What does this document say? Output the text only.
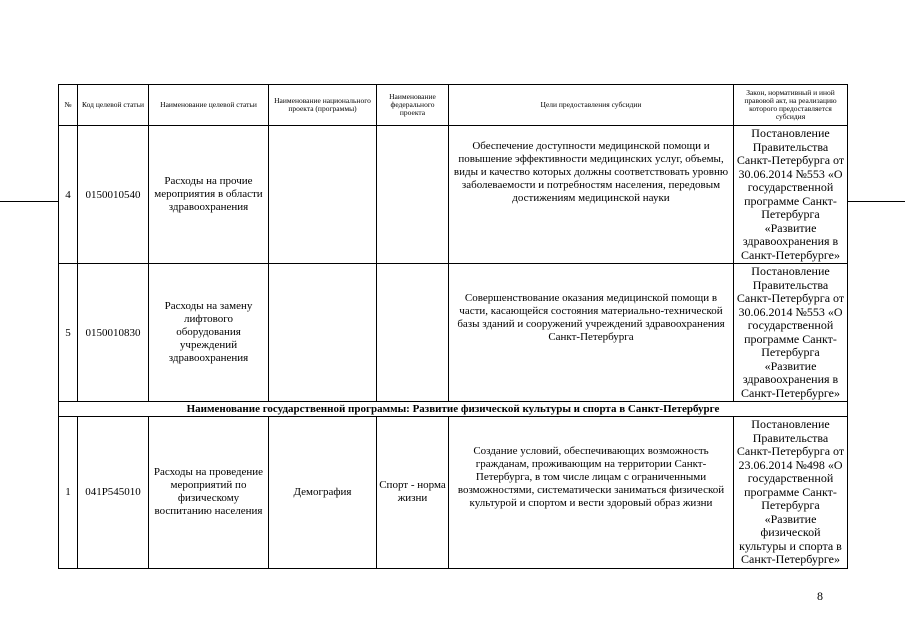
№	Код целевой статьи	Наименование целевой статьи	Наименование национального проекта (программы)	Наименование федерального проекта	Цели предоставления субсидии	Закон, нормативный и иной правовой акт, на реализацию которого предоставляется субсидия
4	0150010540	Расходы на прочие мероприятия в области здравоохранения			Обеспечение доступности медицинской помощи и повышение эффективности медицинских услуг, объемы, виды и качество которых должны соответствовать уровню заболеваемости и потребностям населения, передовым достижениям медицинской науки	Постановление Правительства Санкт-Петербурга от 30.06.2014 №553 «О государственной программе Санкт-Петербурга «Развитие здравоохранения в Санкт-Петербурге»
5	0150010830	Расходы на замену лифтового оборудования учреждений здравоохранения			Совершенствование оказания медицинской помощи в части, касающейся состояния материально-технической базы зданий и сооружений учреждений здравоохранения Санкт-Петербурга	Постановление Правительства Санкт-Петербурга от 30.06.2014 №553 «О государственной программе Санкт-Петербурга «Развитие здравоохранения в Санкт-Петербурге»
Наименование государственной программы: Развитие физической культуры и спорта в Санкт-Петербурге						
1	041P545010	Расходы на проведение мероприятий по физическому воспитанию населения	Демография	Спорт - норма жизни	Создание условий, обеспечивающих возможность гражданам, проживающим на территории Санкт-Петербурга, в том числе лицам с ограниченными возможностями, систематически заниматься физической культурой и спортом и вести здоровый образ жизни	Постановление Правительства Санкт-Петербурга от 23.06.2014 №498 «О государственной программе Санкт-Петербурга «Развитие физической культуры и спорта в Санкт-Петербурге»
8
